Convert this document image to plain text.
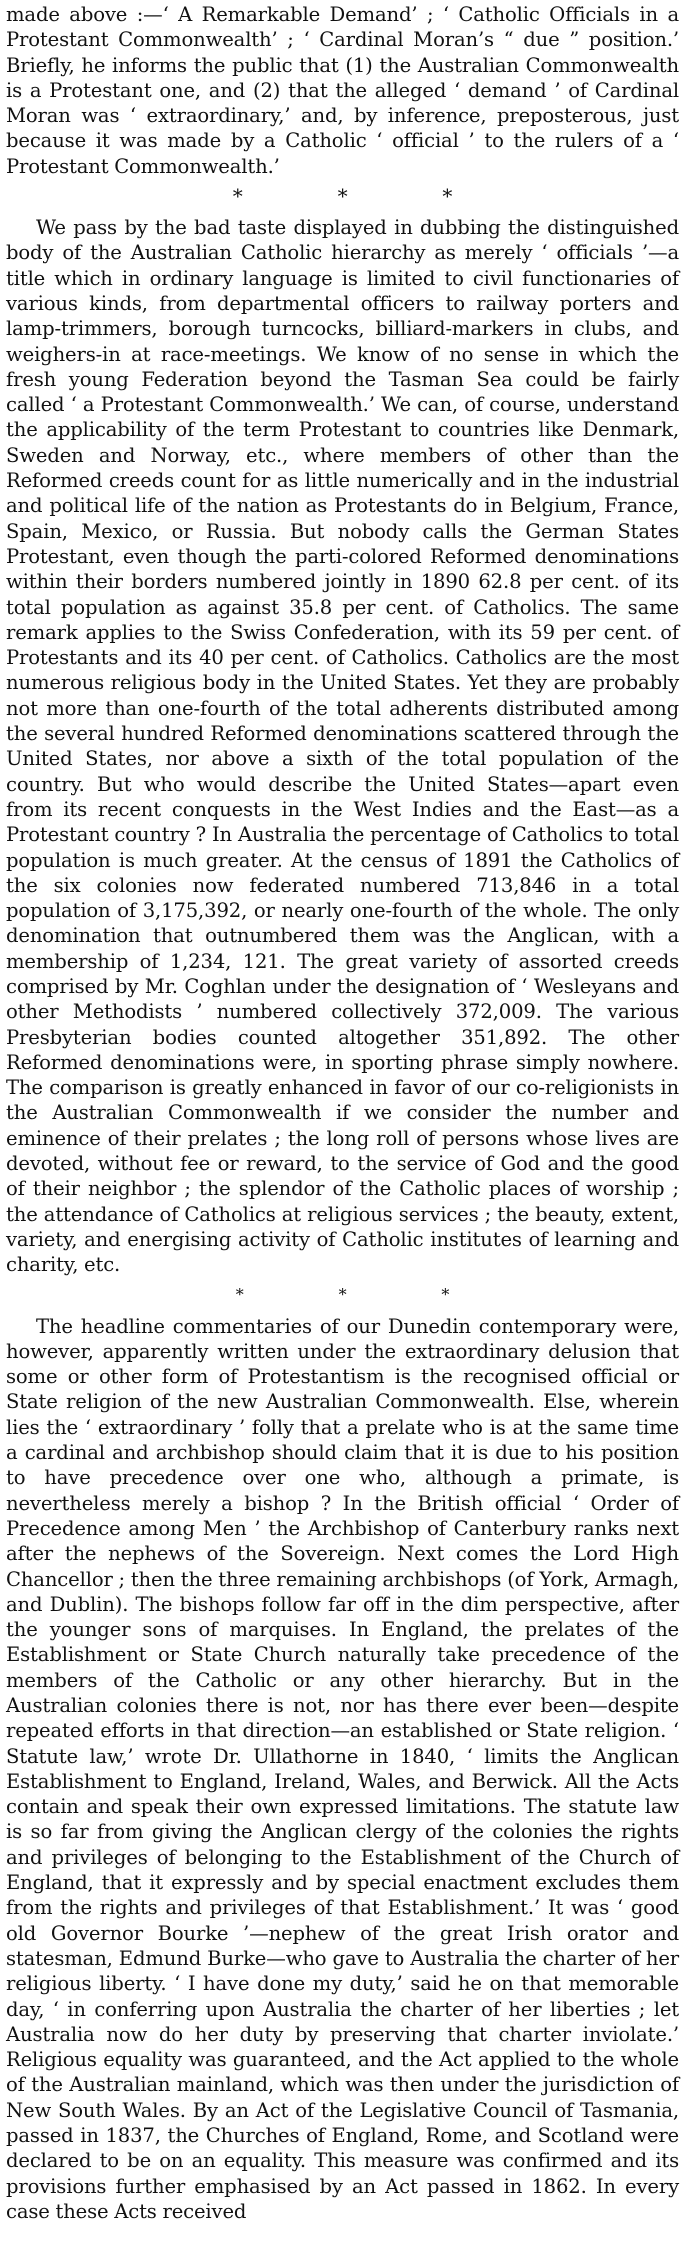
made above :—‘ A Remarkable Demand’ ; ‘ Catholic Officials in a Protestant Commonwealth’ ; ‘ Cardinal Moran’s “ due ” position.’ Briefly, he informs the public that (1) the Australian Commonwealth is a Protestant one, and (2) that the alleged ‘ demand ’ of Cardinal Moran was ‘ extraordinary,’ and, by inference, preposterous, just because it was made by a Catholic ‘ official ’ to the rulers of a ‘ Protestant Commonwealth.’

*	*	*

We pass by the bad taste displayed in dubbing the distinguished body of the Australian Catholic hierarchy as merely ‘ officials ’—a title which in ordinary language is limited to civil functionaries of various kinds, from departmental officers to railway porters and lamp-trimmers, borough turncocks, billiard-markers in clubs, and weighers-in at race-meetings. We know of no sense in which the fresh young Federation beyond the Tasman Sea could be fairly called ‘ a Protestant Commonwealth.’ We can, of course, understand the applicability of the term Protestant to countries like Denmark, Sweden and Norway, etc., where members of other than the Reformed creeds count for as little numerically and in the industrial and political life of the nation as Protestants do in Belgium, France, Spain, Mexico, or Russia. But nobody calls the German States Protestant, even though the parti-colored Reformed denominations within their borders numbered jointly in 1890 62.8 per cent. of its total population as against 35.8 per cent. of Catholics. The same remark applies to the Swiss Confederation, with its 59 per cent. of Protestants and its 40 per cent. of Catholics. Catholics are the most numerous religious body in the United States. Yet they are probably not more than one-fourth of the total adherents distributed among the several hundred Reformed denominations scattered through the United States, nor above a sixth of the total population of the country. But who would describe the United States—apart even from its recent conquests in the West Indies and the East—as a Protestant country ? In Australia the percentage of Catholics to total population is much greater. At the census of 1891 the Catholics of the six colonies now federated numbered 713,846 in a total population of 3,175,392, or nearly one-fourth of the whole. The only denomination that outnumbered them was the Anglican, with a membership of 1,234, 121. The great variety of assorted creeds comprised by Mr. Coghlan under the designation of ‘ Wesleyans and other Methodists ’ numbered collectively 372,009. The various Presbyterian bodies counted altogether 351,892. The other Reformed denominations were, in sporting phrase simply nowhere. The comparison is greatly enhanced in favor of our co-religionists in the Australian Commonwealth if we consider the number and eminence of their prelates ; the long roll of persons whose lives are devoted, without fee or reward, to the service of God and the good of their neighbor ; the splendor of the Catholic places of worship ; the attendance of Catholics at religious services ; the beauty, extent, variety, and energising activity of Catholic institutes of learning and charity, etc.

*	*	*

The headline commentaries of our Dunedin contemporary were, however, apparently written under the extraordinary delusion that some or other form of Protestantism is the recognised official or State religion of the new Australian Commonwealth. Else, wherein lies the ‘ extraordinary ’ folly that a prelate who is at the same time a cardinal and archbishop should claim that it is due to his position to have precedence over one who, although a primate, is nevertheless merely a bishop ? In the British official ‘ Order of Precedence among Men ’ the Archbishop of Canterbury ranks next after the nephews of the Sovereign. Next comes the Lord High Chancellor ; then the three remaining archbishops (of York, Armagh, and Dublin). The bishops follow far off in the dim perspective, after the younger sons of marquises. In England, the prelates of the Establishment or State Church naturally take precedence of the members of the Catholic or any other hierarchy. But in the Australian colonies there is not, nor has there ever been—despite repeated efforts in that direction—an established or State religion. ‘ Statute law,’ wrote Dr. Ullathorne in 1840, ‘ limits the Anglican Establishment to England, Ireland, Wales, and Berwick. All the Acts contain and speak their own expressed limitations. The statute law is so far from giving the Anglican clergy of the colonies the rights and privileges of belonging to the Establishment of the Church of England, that it expressly and by special enactment excludes them from the rights and privileges of that Establishment.’ It was ‘ good old Governor Bourke ’—nephew of the great Irish orator and statesman, Edmund Burke—who gave to Australia the charter of her religious liberty. ‘ I have done my duty,’ said he on that memorable day, ‘ in conferring upon Australia the charter of her liberties ; let Australia now do her duty by preserving that charter inviolate.’ Religious equality was guaranteed, and the Act applied to the whole of the Australian mainland, which was then under the jurisdiction of New South Wales. By an Act of the Legislative Council of Tasmania, passed in 1837, the Churches of England, Rome, and Scotland were declared to be on an equality. This measure was confirmed and its provisions further emphasised by an Act passed in 1862. In every case these Acts received
